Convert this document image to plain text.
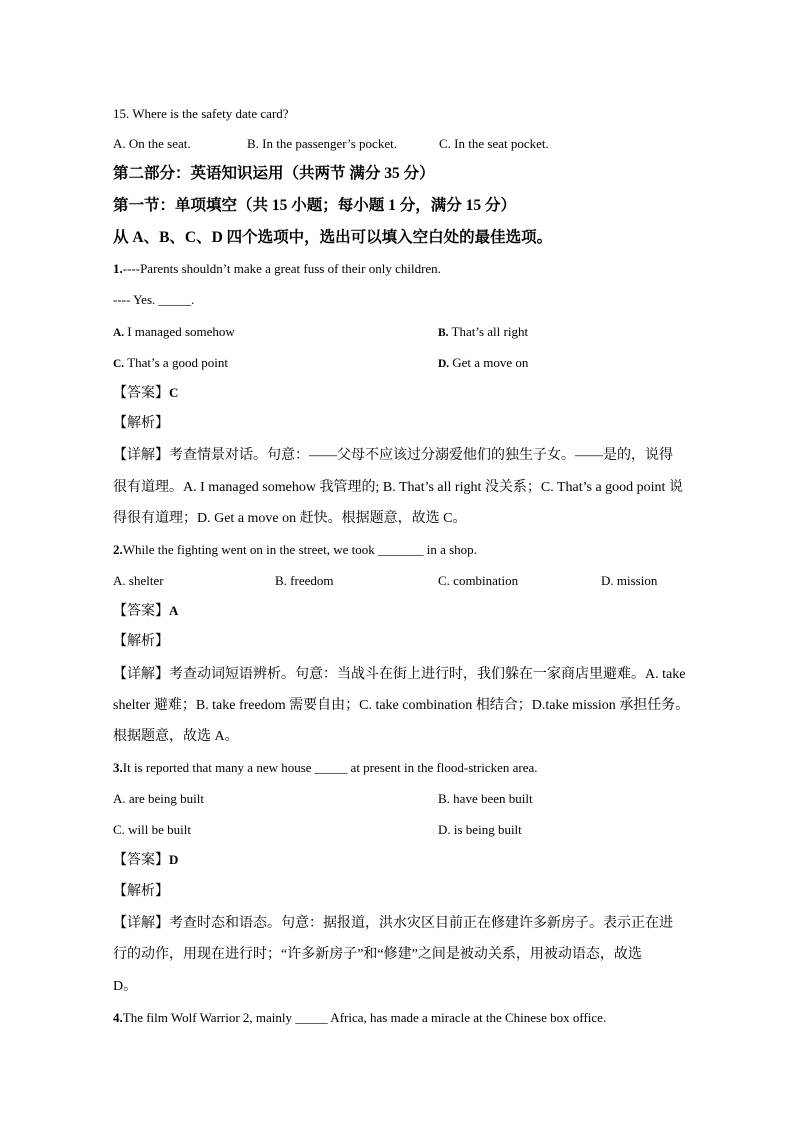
15. Where is the safety date card?
A. On the seat.	B. In the passenger’s pocket.	C. In the seat pocket.
第二部分：英语知识运用（共两节 满分 35 分）
第一节：单项填空（共 15 小题；每小题 1 分，满分 15 分）
从 A、B、C、D 四个选项中，选出可以填入空白处的最佳选项。
1.----Parents shouldn’t make a great fuss of their only children.
---- Yes. _____.
A. I managed somehow	B. That’s all right
C. That’s a good point	D. Get a move on
【答案】C
【解析】
【详解】考查情景对话。句意：——父母不应该过分溺爱他们的独生子女。——是的，说得
很有道理。A. I managed somehow 我管理的; B. That’s all right 没关系；C. That’s a good point 说
得很有道理；D. Get a move on 赶快。根据题意，故选 C。
2.While the fighting went on in the street, we took _______ in a shop.
A. shelter	B. freedom	C. combination	D. mission
【答案】A
【解析】
【详解】考查动词短语辨析。句意：当战斗在街上进行时，我们躲在一家商店里避难。A. take
shelter 避难；B. take freedom 需要自由；C. take combination 相结合；D.take mission 承担任务。
根据题意，故选 A。
3.It is reported that many a new house _____ at present in the flood-stricken area.
A. are being built	B. have been built
C. will be built	D. is being built
【答案】D
【解析】
【详解】考查时态和语态。句意：据报道，洪水灾区目前正在修建许多新房子。表示正在进
行的动作，用现在进行时；“许多新房子”和“修建”之间是被动关系，用被动语态，故选
D。
4.The film Wolf Warrior 2, mainly _____ Africa, has made a miracle at the Chinese box office.
